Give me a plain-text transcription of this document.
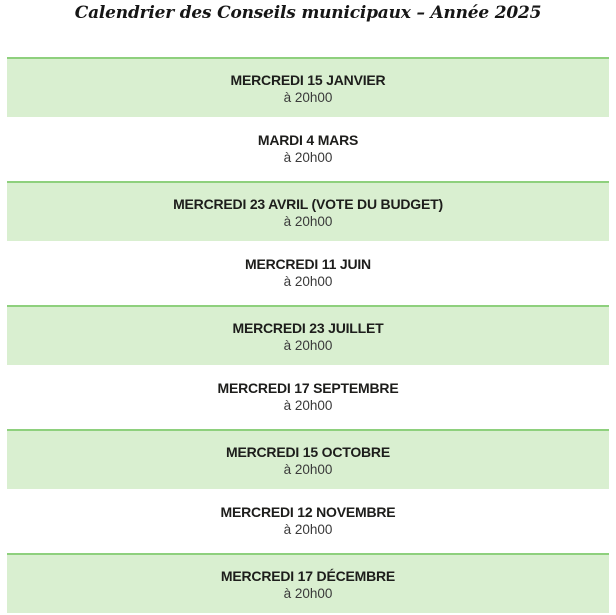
Calendrier des Conseils municipaux – Année 2025
MERCREDI 15 JANVIER
à 20h00
MARDI 4 MARS
à 20h00
MERCREDI 23 AVRIL (VOTE DU BUDGET)
à 20h00
MERCREDI 11 JUIN
à 20h00
MERCREDI 23 JUILLET
à 20h00
MERCREDI 17 SEPTEMBRE
à 20h00
MERCREDI 15 OCTOBRE
à 20h00
MERCREDI 12 NOVEMBRE
à 20h00
MERCREDI 17 DÉCEMBRE
à 20h00
